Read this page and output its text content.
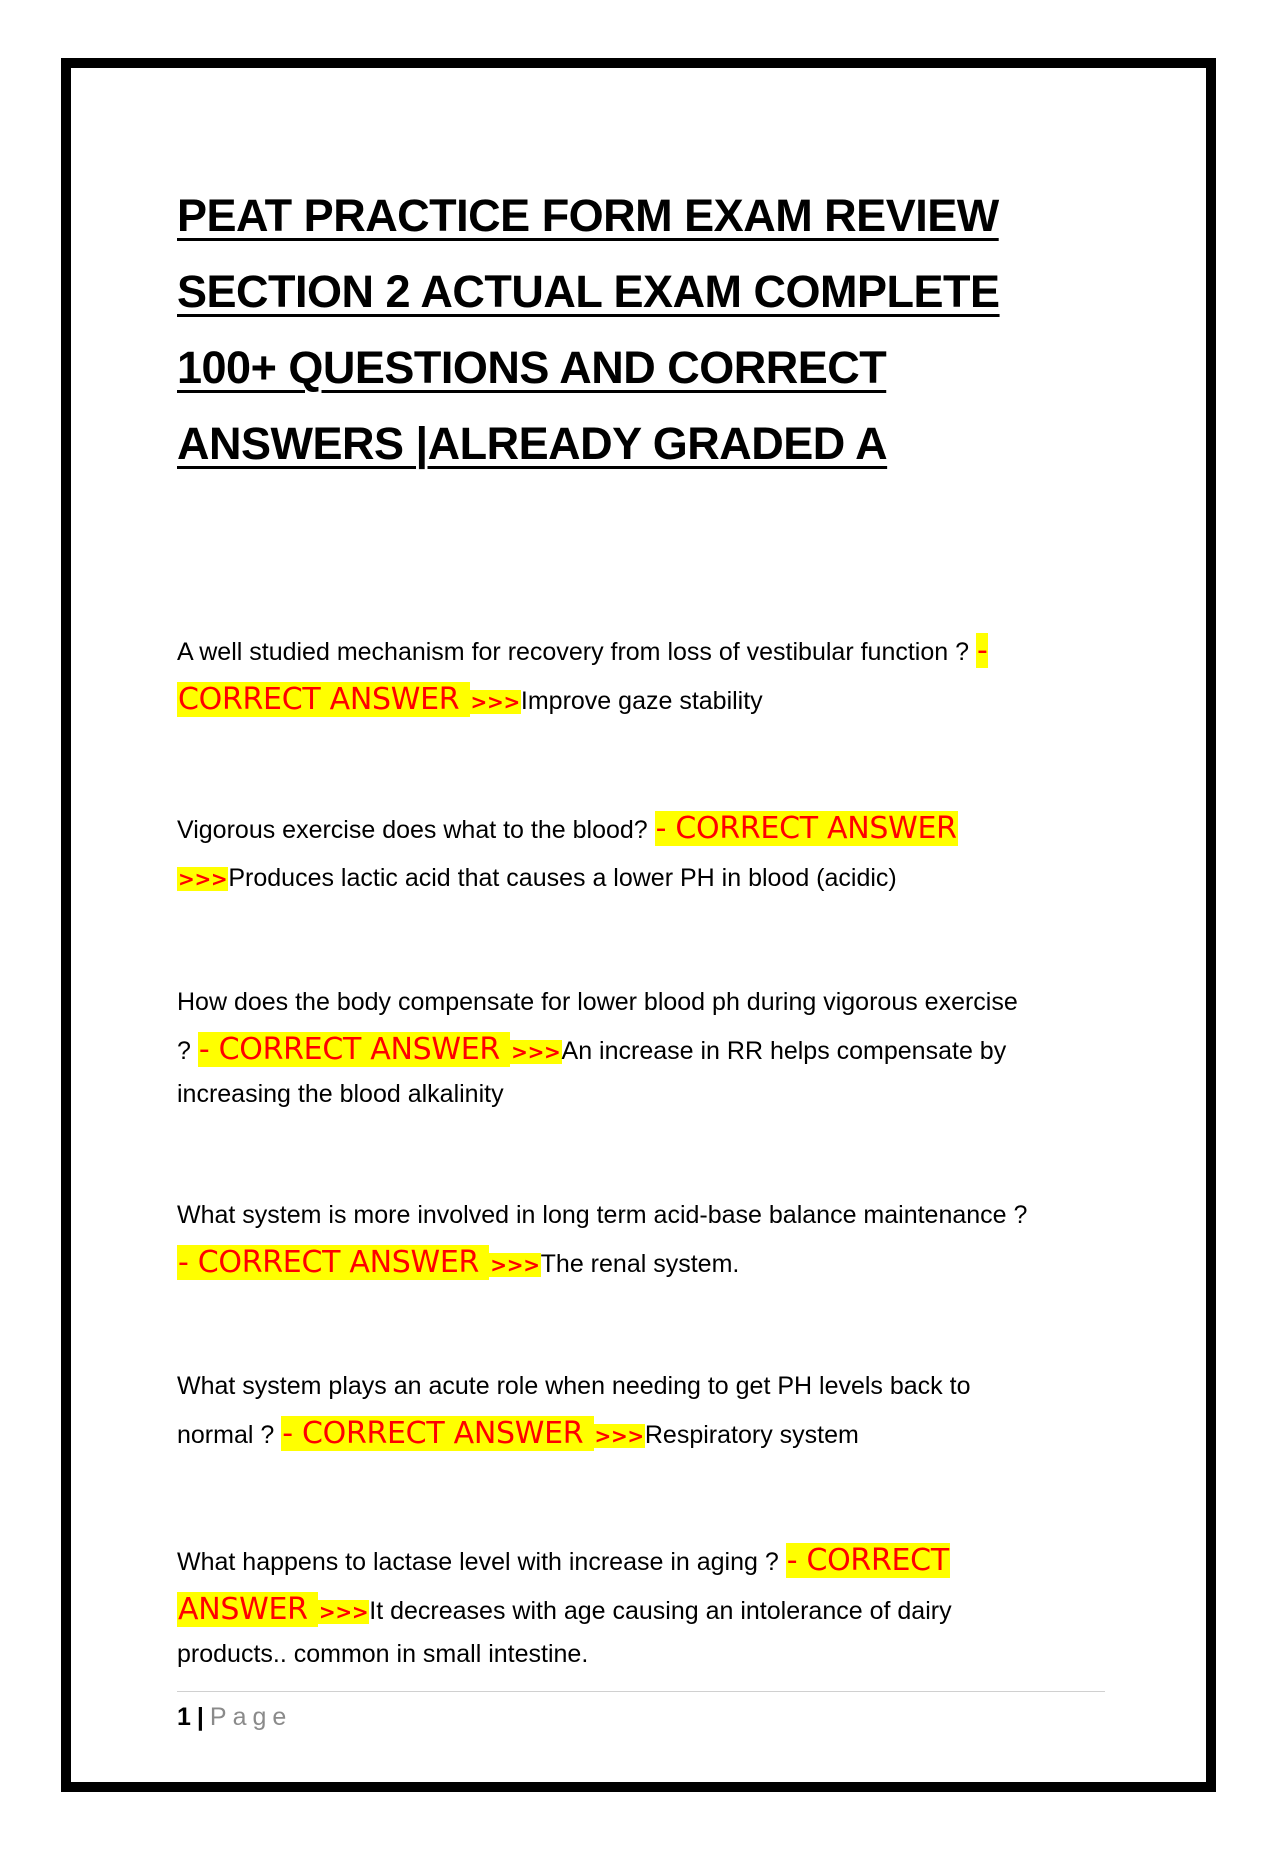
PEAT PRACTICE FORM EXAM REVIEW
SECTION 2 ACTUAL EXAM COMPLETE
100+ QUESTIONS AND CORRECT
ANSWERS |ALREADY GRADED A
A well studied mechanism for recovery from loss of vestibular function ? -
CORRECT ANSWER >>>Improve gaze stability
Vigorous exercise does what to the blood? - CORRECT ANSWER
>>>Produces lactic acid that causes a lower PH in blood (acidic)
How does the body compensate for lower blood ph during vigorous exercise
? - CORRECT ANSWER >>>An increase in RR helps compensate by
increasing the blood alkalinity
What system is more involved in long term acid-base balance maintenance ?
- CORRECT ANSWER >>>The renal system.
What system plays an acute role when needing to get PH levels back to
normal ? - CORRECT ANSWER >>>Respiratory system
What happens to lactase level with increase in aging ? - CORRECT
ANSWER >>>It decreases with age causing an intolerance of dairy
products.. common in small intestine.
1 | Page
